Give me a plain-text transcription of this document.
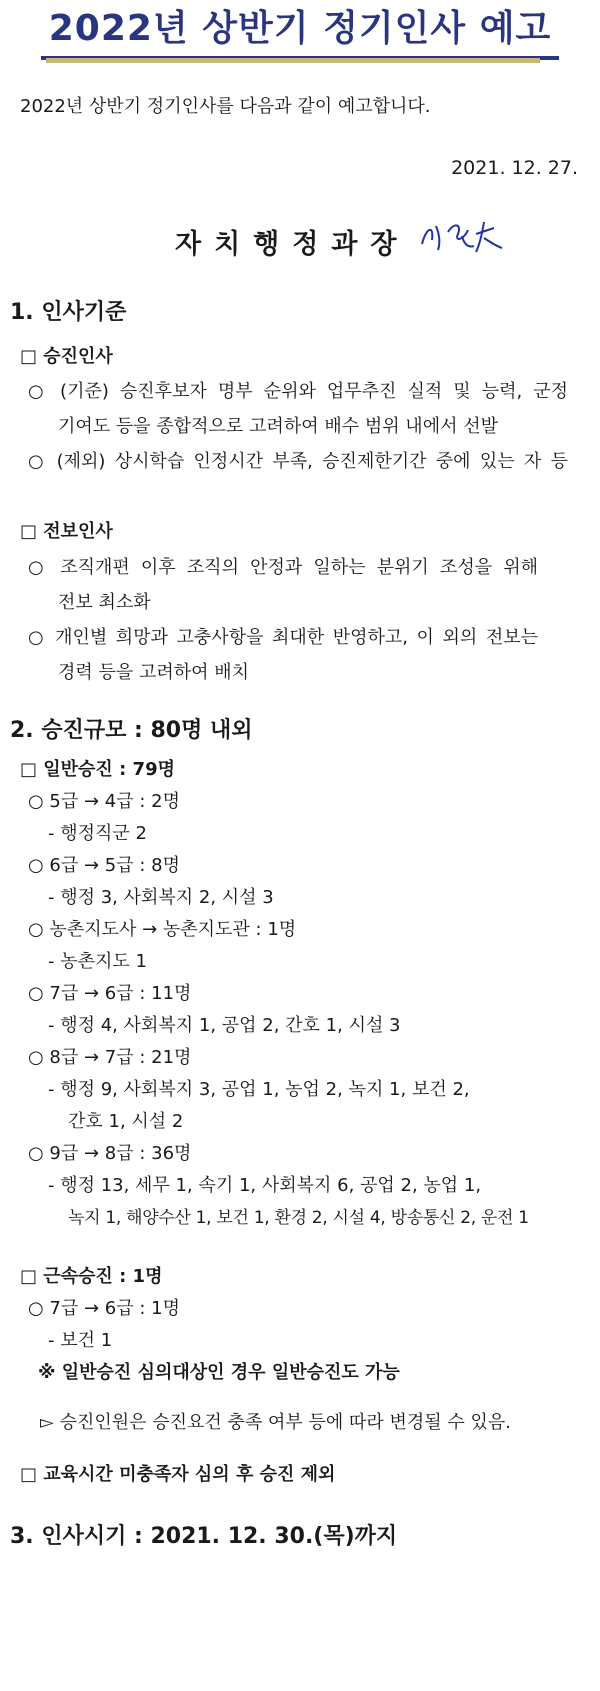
2022년 상반기 정기인사 예고
2022년 상반기 정기인사를 다음과 같이 예고합니다.
2021. 12. 27.
자치행정과장
1. 인사기준
□ 승진인사
○ (기준) 승진후보자 명부 순위와 업무추진 실적 및 능력, 군정
기여도 등을 종합적으로 고려하여 배수 범위 내에서 선발
○ (제외) 상시학습 인정시간 부족, 승진제한기간 중에 있는 자 등
□ 전보인사
○ 조직개편 이후 조직의 안정과 일하는 분위기 조성을 위해
전보 최소화
○ 개인별 희망과 고충사항을 최대한 반영하고, 이 외의 전보는
경력 등을 고려하여 배치
2. 승진규모 : 80명 내외
□ 일반승진 : 79명
○ 5급 → 4급 : 2명
- 행정직군 2
○ 6급 → 5급 : 8명
- 행정 3, 사회복지 2, 시설 3
○ 농촌지도사 → 농촌지도관 : 1명
- 농촌지도 1
○ 7급 → 6급 : 11명
- 행정 4, 사회복지 1, 공업 2, 간호 1, 시설 3
○ 8급 → 7급 : 21명
- 행정 9, 사회복지 3, 공업 1, 농업 2, 녹지 1, 보건 2,
간호 1, 시설 2
○ 9급 → 8급 : 36명
- 행정 13, 세무 1, 속기 1, 사회복지 6, 공업 2, 농업 1,
녹지 1, 해양수산 1, 보건 1, 환경 2, 시설 4, 방송통신 2, 운전 1
□ 근속승진 : 1명
○ 7급 → 6급 : 1명
- 보건 1
※ 일반승진 심의대상인 경우 일반승진도 가능
▻ 승진인원은 승진요건 충족 여부 등에 따라 변경될 수 있음.
□ 교육시간 미충족자 심의 후 승진 제외
3. 인사시기 : 2021. 12. 30.(목)까지
